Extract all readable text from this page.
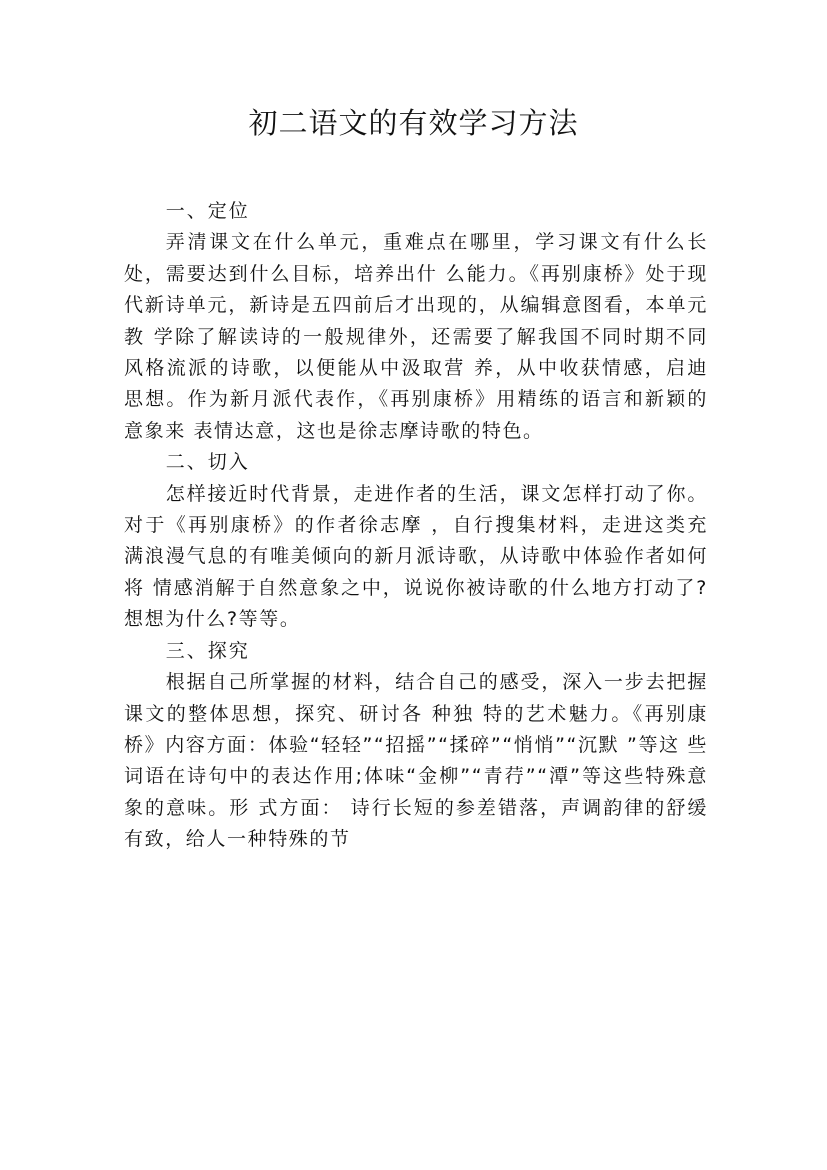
初二语文的有效学习方法

一、定位

弄清课文在什么单元，重难点在哪里，学习课文有什么长处，需要达到什么目标，培养出什 么能力。《再别康桥》处于现代新诗单元，新诗是五四前后才出现的，从编辑意图看，本单元教 学除了解读诗的一般规律外，还需要了解我国不同时期不同风格流派的诗歌，以便能从中汲取营 养，从中收获情感，启迪思想。作为新月派代表作，《再别康桥》用精练的语言和新颖的意象来 表情达意，这也是徐志摩诗歌的特色。

二、切入

怎样接近时代背景，走进作者的生活，课文怎样打动了你。对于《再别康桥》的作者徐志摩 ，自行搜集材料，走进这类充满浪漫气息的有唯美倾向的新月派诗歌，从诗歌中体验作者如何将 情感消解于自然意象之中，说说你被诗歌的什么地方打动了?想想为什么?等等。

三、探究

根据自己所掌握的材料，结合自己的感受，深入一步去把握课文的整体思想，探究、研讨各 种独 特的艺术魅力。《再别康桥》内容方面：体验“轻轻”“招摇”“揉碎”“悄悄”“沉默 ”等这 些词语在诗句中的表达作用;体味“金柳”“青荇”“潭”等这些特殊意象的意味。形 式方面： 诗行长短的参差错落，声调韵律的舒缓有致，给人一种特殊的节
